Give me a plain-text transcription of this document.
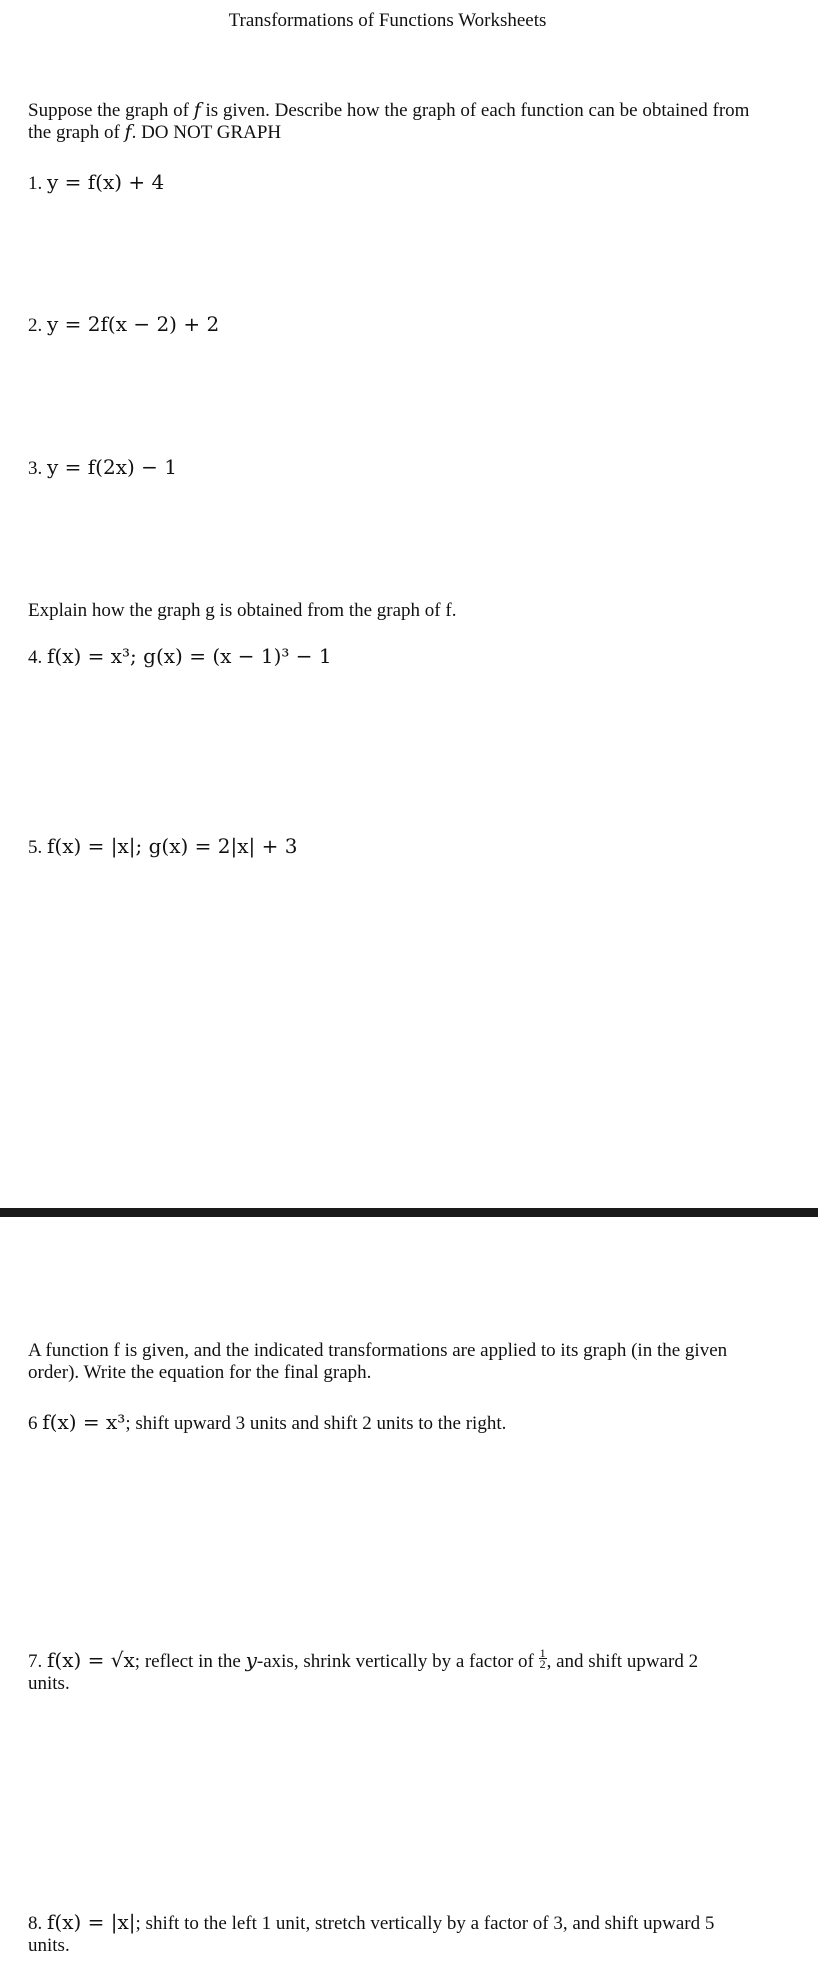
Transformations of Functions Worksheets
Suppose the graph of 𝑓 is given. Describe how the graph of each function can be obtained from the graph of 𝑓. DO NOT GRAPH
1. y = f(x) + 4
2. y = 2f(x − 2) + 2
3. y = f(2x) − 1
Explain how the graph g is obtained from the graph of f.
4. f(x) = x³; g(x) = (x − 1)³ − 1
5. f(x) = |x|; g(x) = 2|x| + 3
A function f is given, and the indicated transformations are applied to its graph (in the given order). Write the equation for the final graph.
6 f(x) = x³; shift upward 3 units and shift 2 units to the right.
7. f(x) = √x; reflect in the y-axis, shrink vertically by a factor of $\frac{1}{2}$ , and shift upward 2
units.
8. f(x) = |x|; shift to the left 1 unit, stretch vertically by a factor of 3, and shift upward 5
units.
